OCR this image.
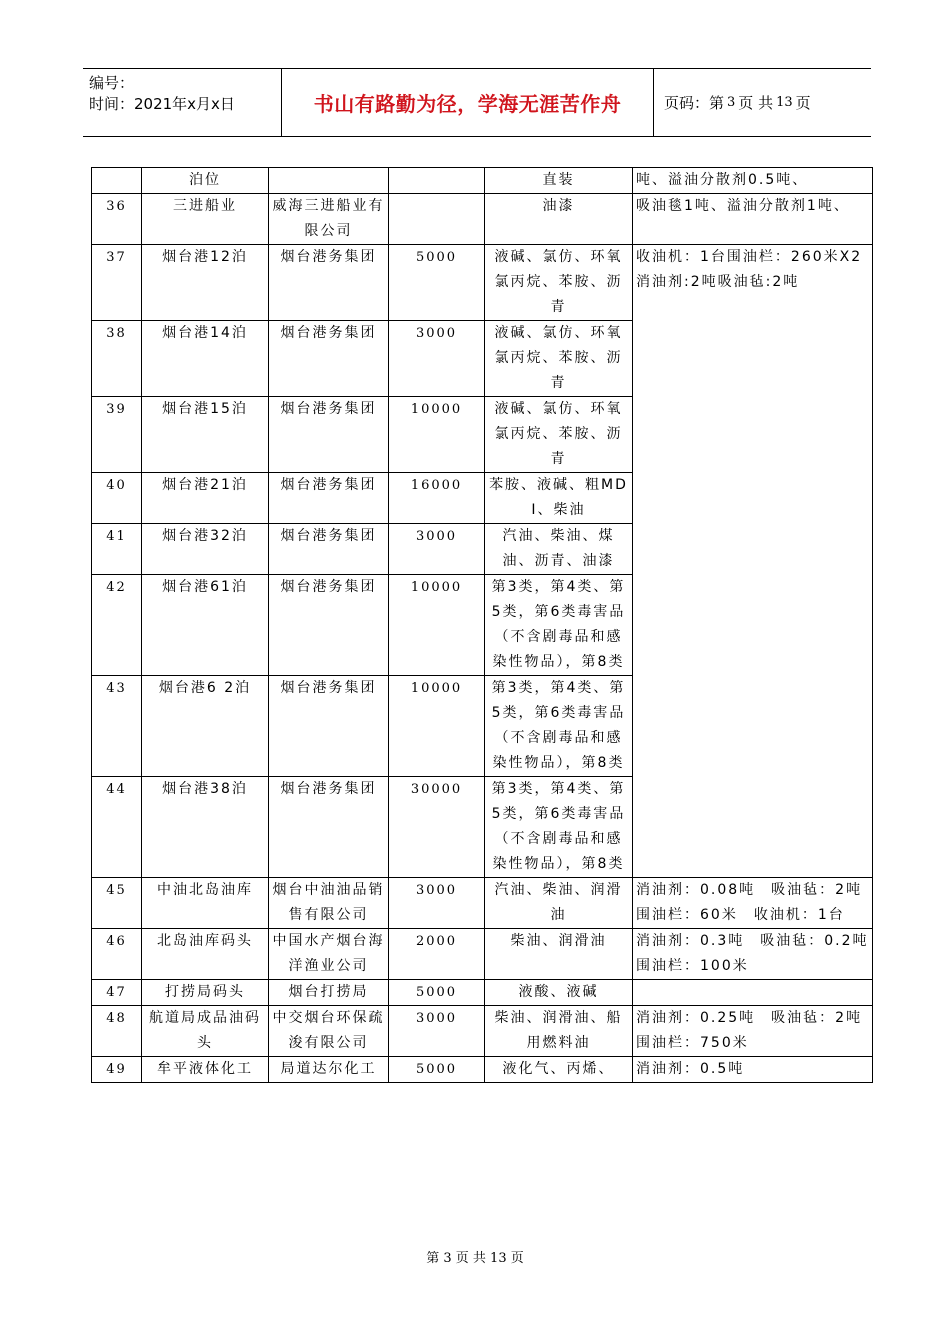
编号：
时间：2021年x月x日	书山有路勤为径，学海无涯苦作舟	页码：第 3 页 共 13 页
	泊位			直装	吨、溢油分散剂0.5吨、
36	三进船业	威海三进船业有限公司		油漆	吸油毯1吨、溢油分散剂1吨、
37	烟台港12泊	烟台港务集团	5000	液碱、氯仿、环氧氯丙烷、苯胺、沥青	收油机：1台围油栏：260米X2消油剂:2吨吸油毡:2吨
38	烟台港14泊	烟台港务集团	3000	液碱、氯仿、环氧氯丙烷、苯胺、沥青	
39	烟台港15泊	烟台港务集团	10000	液碱、氯仿、环氧氯丙烷、苯胺、沥青	
40	烟台港21泊	烟台港务集团	16000	苯胺、液碱、粗MDI、柴油	
41	烟台港32泊	烟台港务集团	3000	汽油、柴油、煤油、沥青、油漆	
42	烟台港61泊	烟台港务集团	10000	第3类，第4类、第5类，第6类毒害品（不含剧毒品和感染性物品），第8类	
43	烟台港6 2泊	烟台港务集团	10000	第3类，第4类、第5类，第6类毒害品（不含剧毒品和感染性物品），第8类	
44	烟台港38泊	烟台港务集团	30000	第3类，第4类、第5类，第6类毒害品（不含剧毒品和感染性物品），第8类	
45	中油北岛油库	烟台中油油品销售有限公司	3000	汽油、柴油、润滑油	消油剂：0.08吨　吸油毡：2吨围油栏：60米　收油机：1台
46	北岛油库码头	中国水产烟台海洋渔业公司	2000	柴油、润滑油	消油剂：0.3吨　吸油毡：0.2吨围油栏：100米
47	打捞局码头	烟台打捞局	5000	液酸、液碱	
48	航道局成品油码头	中交烟台环保疏浚有限公司	3000	柴油、润滑油、船用燃料油	消油剂：0.25吨　吸油毡：2吨围油栏：750米
49	牟平液体化工	局道达尔化工	5000	液化气、丙烯、	消油剂：0.5吨
第 3 页 共 13 页
